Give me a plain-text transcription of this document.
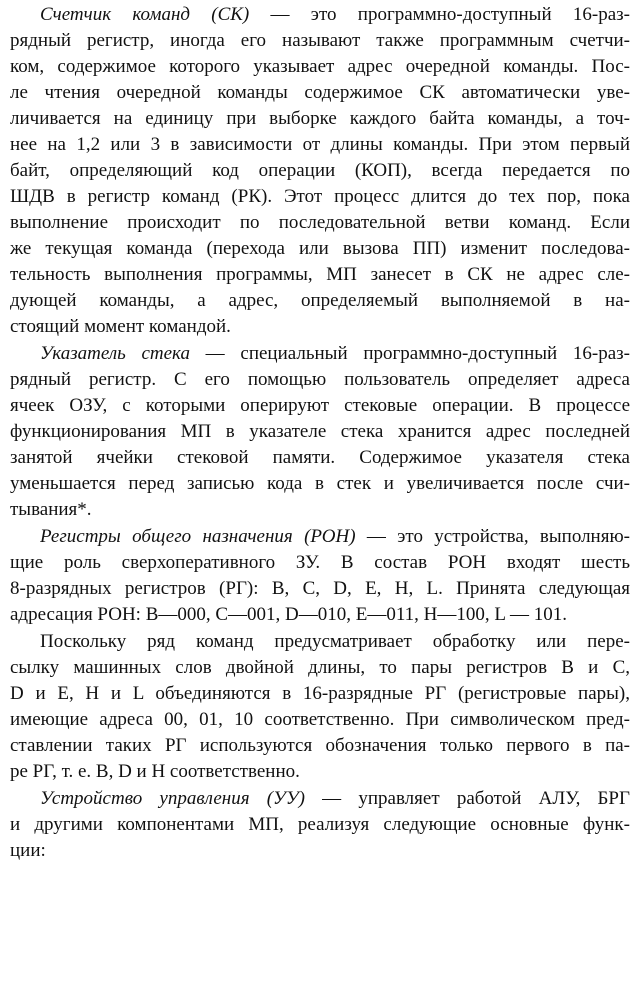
Счетчик команд (СК) — это программно-доступный 16-раз-
рядный регистр, иногда его называют также программным счетчи-
ком, содержимое которого указывает адрес очередной команды. Пос-
ле чтения очередной команды содержимое СК автоматически уве-
личивается на единицу при выборке каждого байта команды, а точ-
нее на 1,2 или 3 в зависимости от длины команды. При этом первый
байт, определяющий код операции (КОП), всегда передается по
ШДВ в регистр команд (РК). Этот процесс длится до тех пор, пока
выполнение происходит по последовательной ветви команд. Если
же текущая команда (перехода или вызова ПП) изменит последова-
тельность выполнения программы, МП занесет в СК не адрес сле-
дующей команды, а адрес, определяемый выполняемой в на-
стоящий момент командой.
Указатель стека — специальный программно-доступный 16-раз-
рядный регистр. С его помощью пользователь определяет адреса
ячеек ОЗУ, с которыми оперируют стековые операции. В процессе
функционирования МП в указателе стека хранится адрес последней
занятой ячейки стековой памяти. Содержимое указателя стека
уменьшается перед записью кода в стек и увеличивается после счи-
тывания*.
Регистры общего назначения (РОН) — это устройства, выполняю-
щие роль сверхоперативного ЗУ. В состав РОН входят шесть
8-разрядных регистров (РГ): B, C, D, E, H, L. Принята следующая
адресация РОН: B—000, C—001, D—010, E—011, H—100, L — 101.
Поскольку ряд команд предусматривает обработку или пере-
сылку машинных слов двойной длины, то пары регистров B и C,
D и E, H и L объединяются в 16-разрядные РГ (регистровые пары),
имеющие адреса 00, 01, 10 соответственно. При символическом пред-
ставлении таких РГ используются обозначения только первого в па-
ре РГ, т. е. B, D и H соответственно.
Устройство управления (УУ) — управляет работой АЛУ, БРГ
и другими компонентами МП, реализуя следующие основные функ-
ции:
